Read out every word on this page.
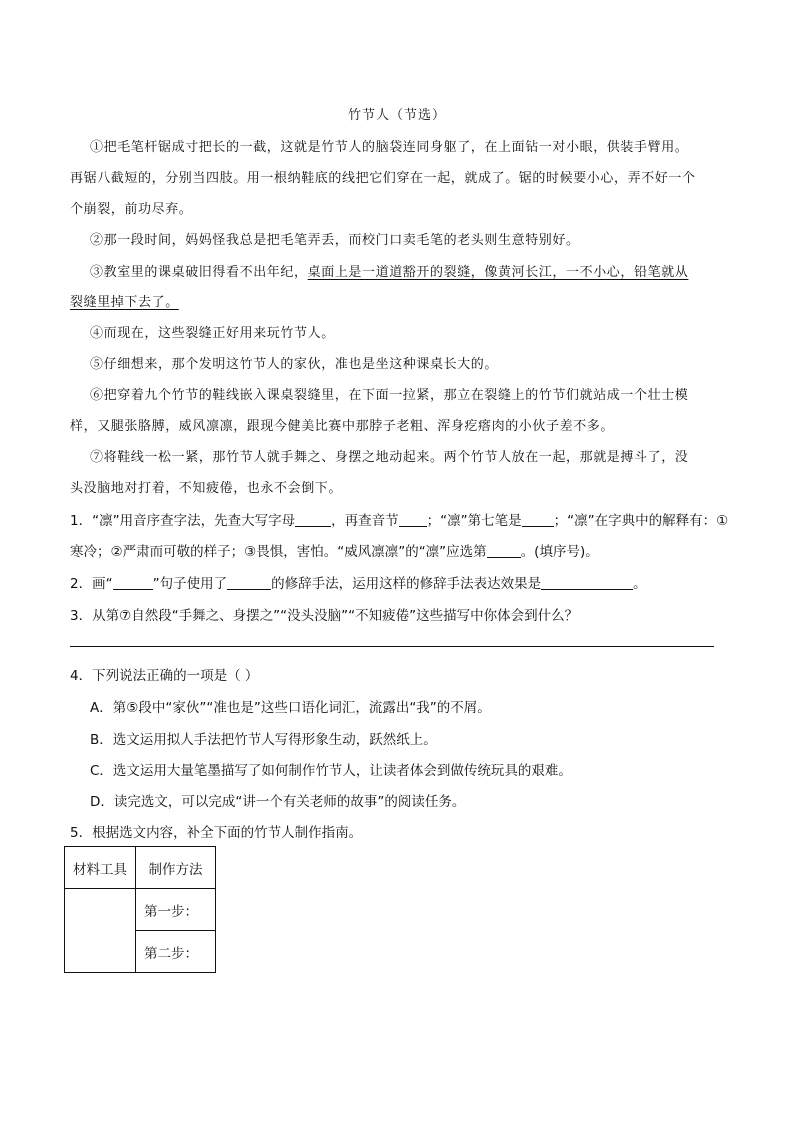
竹节人（节选）
①把毛笔杆锯成寸把长的一截，这就是竹节人的脑袋连同身躯了，在上面钻一对小眼，供装手臂用。
再锯八截短的，分别当四肢。用一根纳鞋底的线把它们穿在一起，就成了。锯的时候要小心，弄不好一个
个崩裂，前功尽弃。
②那一段时间，妈妈怪我总是把毛笔弄丢，而校门口卖毛笔的老头则生意特别好。
③教室里的课桌破旧得看不出年纪，桌面上是一道道豁开的裂缝，像黄河长江，一不小心，铅笔就从
裂缝里掉下去了。
④而现在，这些裂缝正好用来玩竹节人。
⑤仔细想来，那个发明这竹节人的家伙，准也是坐这种课桌长大的。
⑥把穿着九个竹节的鞋线嵌入课桌裂缝里，在下面一拉紧，那立在裂缝上的竹节们就站成一个壮士模
样，又腿张胳膊，威风凛凛，跟现今健美比赛中那脖子老粗、浑身疙瘩肉的小伙子差不多。
⑦将鞋线一松一紧，那竹节人就手舞之、身摆之地动起来。两个竹节人放在一起，那就是搏斗了，没
头没脑地对打着，不知疲倦，也永不会倒下。
1．“凛”用音序查字法，先查大写字母	，再查音节 ；“凛”第七笔是 ；“凛”在字典中的解释有：①
寒冷；②严肃而可敬的样子；③畏惧，害怕。“威风凛凛”的“凛”应选第	。(填序号)。
2．画“	”句子使用了	的修辞手法，运用这样的修辞手法表达效果是	。
3．从第⑦自然段“手舞之、身摆之”“没头没脑”“不知疲倦”这些描写中你体会到什么？
4．下列说法正确的一项是（ ）
A．第⑤段中“家伙”“准也是”这些口语化词汇，流露出“我”的不屑。
B．选文运用拟人手法把竹节人写得形象生动，跃然纸上。
C．选文运用大量笔墨描写了如何制作竹节人，让读者体会到做传统玩具的艰难。
D．读完选文，可以完成“讲一个有关老师的故事”的阅读任务。
5．根据选文内容，补全下面的竹节人制作指南。
材料工具	制作方法
	第一步：
	第二步：
